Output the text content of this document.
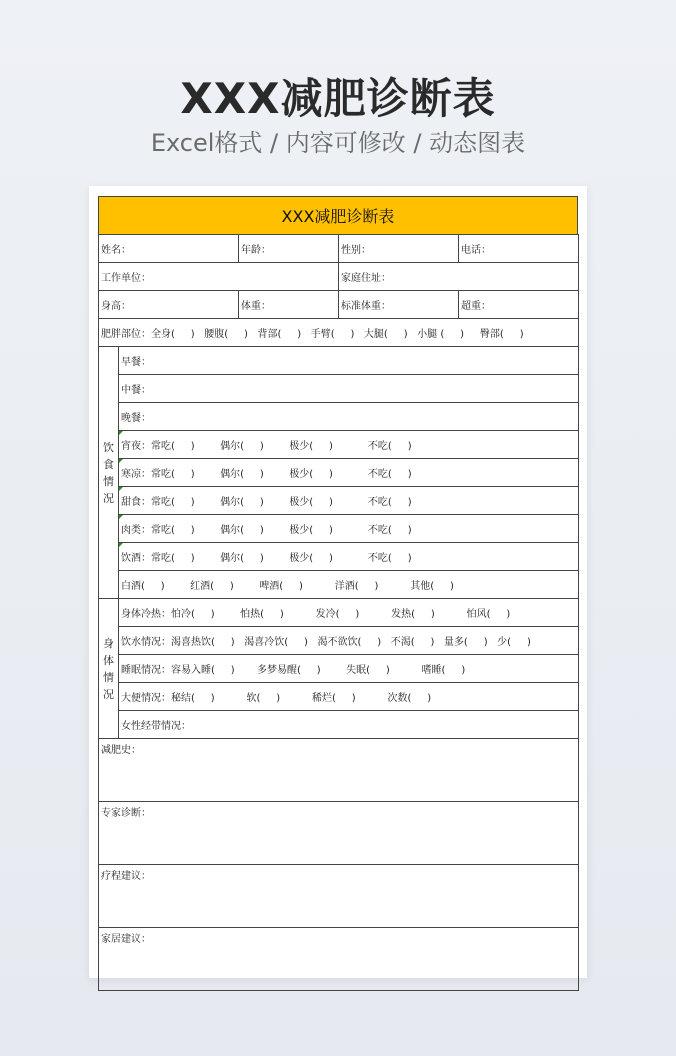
XXX减肥诊断表
Excel格式 / 内容可修改 / 动态图表
XXX减肥诊断表
姓名：		年龄：	性别：	电话：
工作单位：			家庭住址：	
身高：		体重：	标准体重：	超重：
肥胖部位：全身(     )   腰腹(     )   背部(     )   手臂(     )   大腿(     )   小腿 (     )     臀部(     )				
饮食情况	早餐：			
	中餐：			
	晚餐：			
	宵夜：常吃(     )        偶尔(     )        极少(     )           不吃(     )			
	寒凉：常吃(     )        偶尔(     )        极少(     )           不吃(     )			
	甜食：常吃(     )        偶尔(     )        极少(     )           不吃(     )			
	肉类：常吃(     )        偶尔(     )        极少(     )           不吃(     )			
	饮酒：常吃(     )        偶尔(     )        极少(     )           不吃(     )			
	白酒(     )        红酒(     )        啤酒(     )          洋酒(     )          其他(     )			
身体情况	身体冷热：怕冷(     )        怕热(     )          发冷(     )          发热(     )          怕风(     )			
	饮水情况：渴喜热饮(     )   渴喜冷饮(     )   渴不欲饮(     )   不渴(     )   量多(     )   少(     )			
	睡眠情况：容易入睡(     )       多梦易醒(     )        失眠(     )          嗜睡(     )			
	大便情况：秘结(     )          软(     )          稀烂(     )          次数(     )			
	女性经带情况：			
减肥史：				
专家诊断：				
疗程建议：				
家居建议：				
